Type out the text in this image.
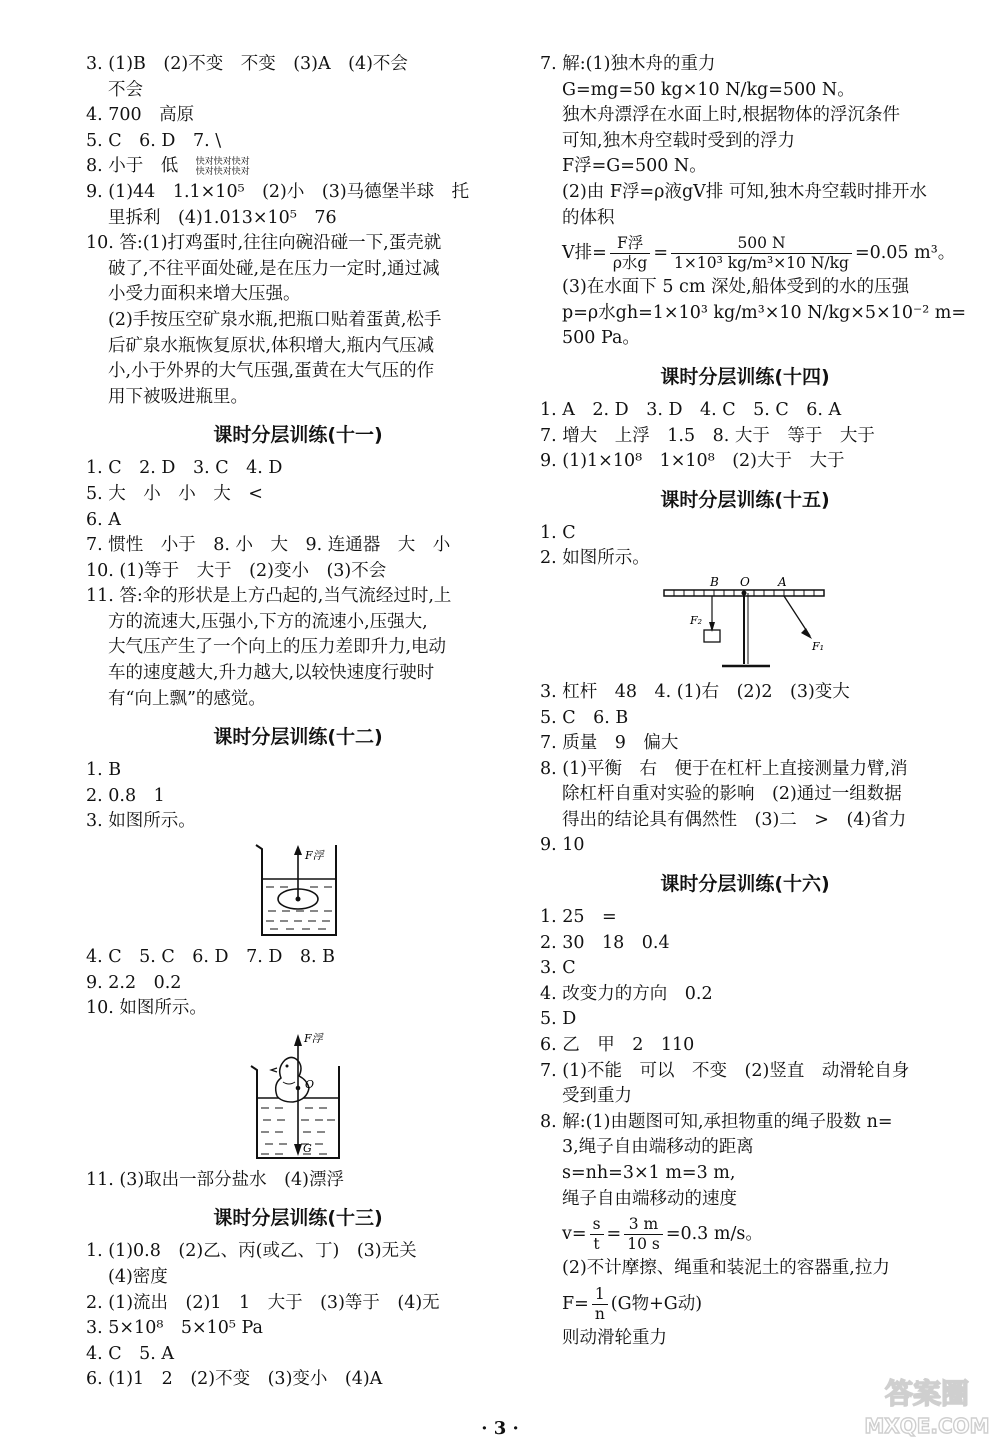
3. (1)B　(2)不变　不变　(3)A　(4)不会

不会

4. 700　高原

5. C　6. D　7. \

8. 小于　低　 快对快对快对
快对快对快对

9. (1)44　1.1×10⁵　(2)小　(3)马德堡半球　托

里拆利　(4)1.013×10⁵　76

10. 答:(1)打鸡蛋时,往往向碗沿碰一下,蛋壳就

破了,不往平面处碰,是在压力一定时,通过减

小受力面积来增大压强。

(2)手按压空矿泉水瓶,把瓶口贴着蛋黄,松手

后矿泉水瓶恢复原状,体积增大,瓶内气压减

小,小于外界的大气压强,蛋黄在大气压的作

用下被吸进瓶里。

课时分层训练(十一)

1. C　2. D　3. C　4. D

5. 大　小　小　大　<

6. A

7. 惯性　小于　8. 小　大　9. 连通器　大　小

10. (1)等于　大于　(2)变小　(3)不会

11. 答:伞的形状是上方凸起的,当气流经过时,上

方的流速大,压强小,下方的流速小,压强大,

大气压产生了一个向上的压力差即升力,电动

车的速度越大,升力越大,以较快速度行驶时

有“向上飘”的感觉。

课时分层训练(十二)

1. B

2. 0.8　1

3. 如图所示。

F浮

4. C　5. C　6. D　7. D　8. B

9. 2.2　0.2

10. 如图所示。

F浮
O
G

11. (3)取出一部分盐水　(4)漂浮

课时分层训练(十三)

1. (1)0.8　(2)乙、丙(或乙、丁)　(3)无关

(4)密度

2. (1)流出　(2)1　1　大于　(3)等于　(4)无

3. 5×10⁸　5×10⁵ Pa

4. C　5. A

6. (1)1　2　(2)不变　(3)变小　(4)A

7. 解:(1)独木舟的重力

G=mg=50 kg×10 N/kg=500 N。

独木舟漂浮在水面上时,根据物体的浮沉条件

可知,独木舟空载时受到的浮力

F浮=G=500 N。

(2)由 F浮=ρ液gV排 可知,独木舟空载时排开水

的体积

V排= $\frac{\text{F浮}}{\text{ρ水g}} = \frac{500 N}{\text{1×10³ kg/m³×10 N/kg}} =0.05$ m³。

(3)在水面下 5 cm 深处,船体受到的水的压强

p=ρ水gh=1×10³ kg/m³×10 N/kg×5×10⁻² m=

500 Pa。

课时分层训练(十四)

1. A　2. D　3. D　4. C　5. C　6. A

7. 增大　上浮　1.5　8. 大于　等于　大于

9. (1)1×10⁸　1×10⁸　(2)大于　大于

课时分层训练(十五)

1. C

2. 如图所示。

B O A
F₁
F₂

3. 杠杆　48　4. (1)右　(2)2　(3)变大

5. C　6. B

7. 质量　9　偏大

8. (1)平衡　右　便于在杠杆上直接测量力臂,消

除杠杆自重对实验的影响　(2)通过一组数据

得出的结论具有偶然性　(3)二　>　(4)省力

9. 10

课时分层训练(十六)

1. 25　=

2. 30　18　0.4

3. C

4. 改变力的方向　0.2

5. D

6. 乙　甲　2　110

7. (1)不能　可以　不变　(2)竖直　动滑轮自身

受到重力

8. 解:(1)由题图可知,承担物重的绳子股数 n=

3,绳子自由端移动的距离

s=nh=3×1 m=3 m,

绳子自由端移动的速度

$v= \frac{s}{t} = \frac{3 m}{10 s} =0.3$ m/s。

(2)不计摩擦、绳重和装泥土的容器重,拉力

$F= \frac{1}{n} (G$物+G动)

则动滑轮重力

· 3 ·
答案圈
MXQE.COM
